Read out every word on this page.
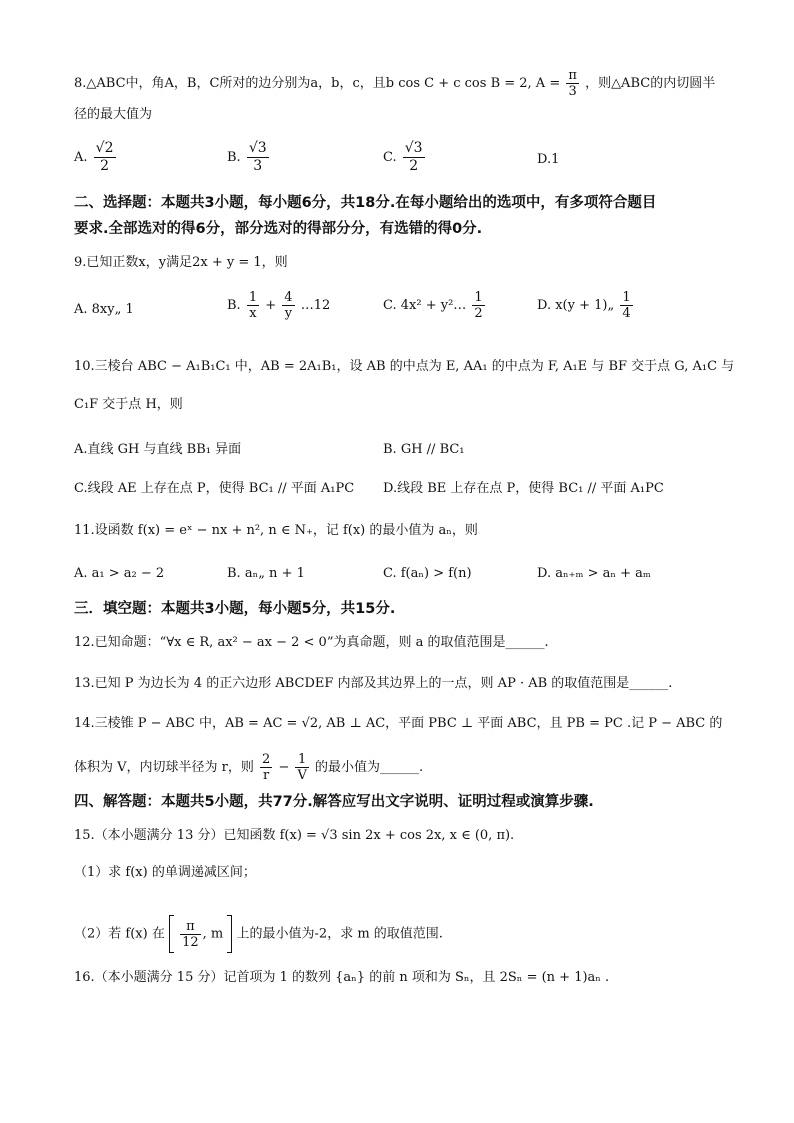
8.△ABC中，角A，B，C所对的边分别为a，b，c，且b cos C + c cos B = 2, $A = \frac{\pi}{3}$ ，则△ABC的内切圆半
径的最大值为
A. $\frac{√2}{2}$	B. $\frac{√3}{3}$	C. $\frac{√3}{2}$	D.1
二、选择题：本题共3小题，每小题6分，共18分.在每小题给出的选项中，有多项符合题目
要求.全部选对的得6分，部分选对的得部分分，有选错的得0分.
9.已知正数x，y满足2x + y = 1，则
A. 8xy„ 1	B. $\frac{1}{x} + \frac{4}{y}$ …12	C. 4x² + y²… $\frac{1}{2}$	D. x(y + 1)„ $\frac{1}{4}$
10.三棱台 ABC − A₁B₁C₁ 中，AB = 2A₁B₁，设 AB 的中点为 E, AA₁ 的中点为 F, A₁E 与 BF 交于点 G, A₁C 与
C₁F 交于点 H，则
A.直线 GH 与直线 BB₁ 异面	B. GH // BC₁
C.线段 AE 上存在点 P，使得 BC₁ // 平面 A₁PC D.线段 BE 上存在点 P，使得 BC₁ // 平面 A₁PC
11.设函数 f(x) = eˣ − nx + n², n ∈ N₊，记 f(x) 的最小值为 aₙ，则
A. a₁ > a₂ − 2	B. aₙ„ n + 1	C. f(aₙ) > f(n)	D. aₙ₊ₘ > aₙ + aₘ
三．填空题：本题共3小题，每小题5分，共15分.
12.已知命题：“∀x ∈ R, ax² − ax − 2 < 0”为真命题，则 a 的取值范围是______.
13.已知 P 为边长为 4 的正六边形 ABCDEF 内部及其边界上的一点，则 AP · AB 的取值范围是______.
14.三棱锥 P − ABC 中，AB = AC = √2, AB ⊥ AC，平面 PBC ⊥ 平面 ABC，且 PB = PC .记 P − ABC 的
体积为 V，内切球半径为 r，则 $\frac{2}{r} - \frac{1}{V}$ 的最小值为______.
四、解答题：本题共5小题，共77分.解答应写出文字说明、证明过程或演算步骤.
15.（本小题满分 13 分）已知函数 f(x) = √3 sin 2x + cos 2x, x ∈ (0, π).
（1）求 f(x) 的单调递减区间；
（2）若 f(x) 在 $\frac{\pi}{12}$ , m 上的最小值为-2，求 m 的取值范围.
16.（本小题满分 15 分）记首项为 1 的数列 {aₙ} 的前 n 项和为 Sₙ，且 2Sₙ = (n + 1)aₙ .
